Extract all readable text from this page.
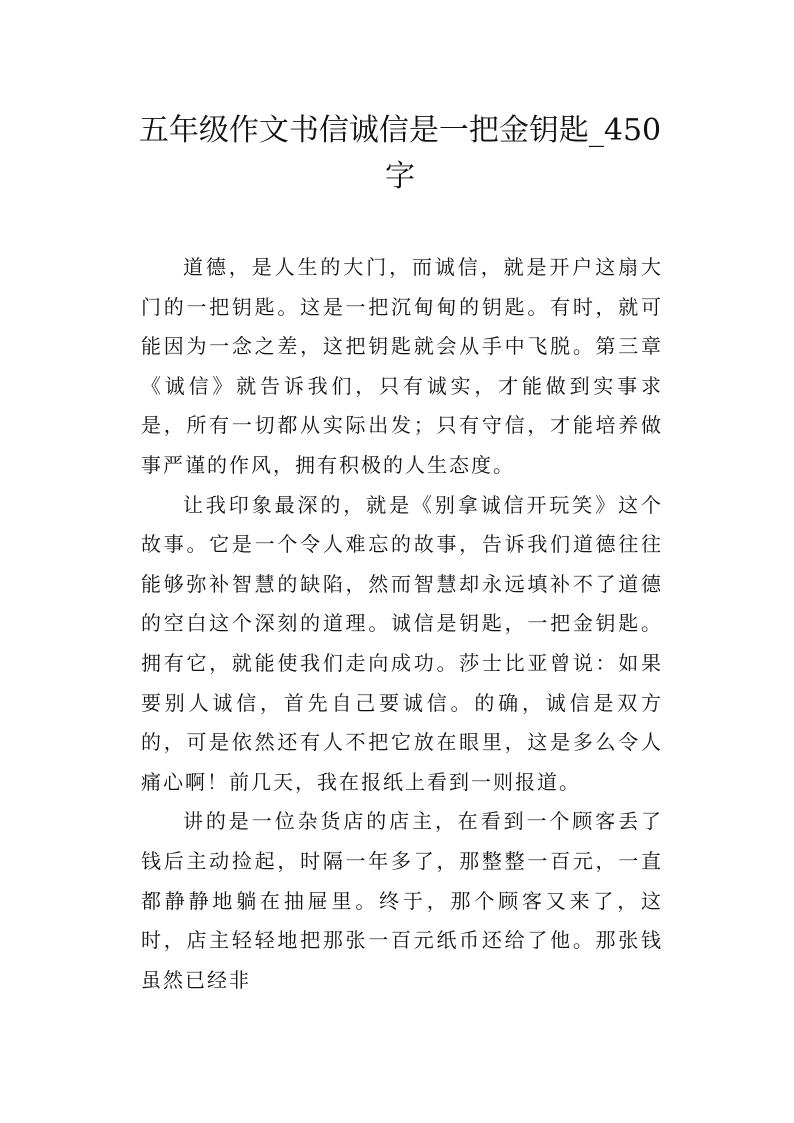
五年级作文书信诚信是一把金钥匙_450字

道德，是人生的大门，而诚信，就是开户这扇大门的一把钥匙。这是一把沉甸甸的钥匙。有时，就可能因为一念之差，这把钥匙就会从手中飞脱。第三章《诚信》就告诉我们，只有诚实，才能做到实事求是，所有一切都从实际出发；只有守信，才能培养做事严谨的作风，拥有积极的人生态度。

让我印象最深的，就是《别拿诚信开玩笑》这个故事。它是一个令人难忘的故事，告诉我们道德往往能够弥补智慧的缺陷，然而智慧却永远填补不了道德的空白这个深刻的道理。诚信是钥匙，一把金钥匙。拥有它，就能使我们走向成功。莎士比亚曾说：如果要别人诚信，首先自己要诚信。的确，诚信是双方的，可是依然还有人不把它放在眼里，这是多么令人痛心啊！前几天，我在报纸上看到一则报道。

讲的是一位杂货店的店主，在看到一个顾客丢了钱后主动捡起，时隔一年多了，那整整一百元，一直都静静地躺在抽屉里。终于，那个顾客又来了，这时，店主轻轻地把那张一百元纸币还给了他。那张钱虽然已经非
